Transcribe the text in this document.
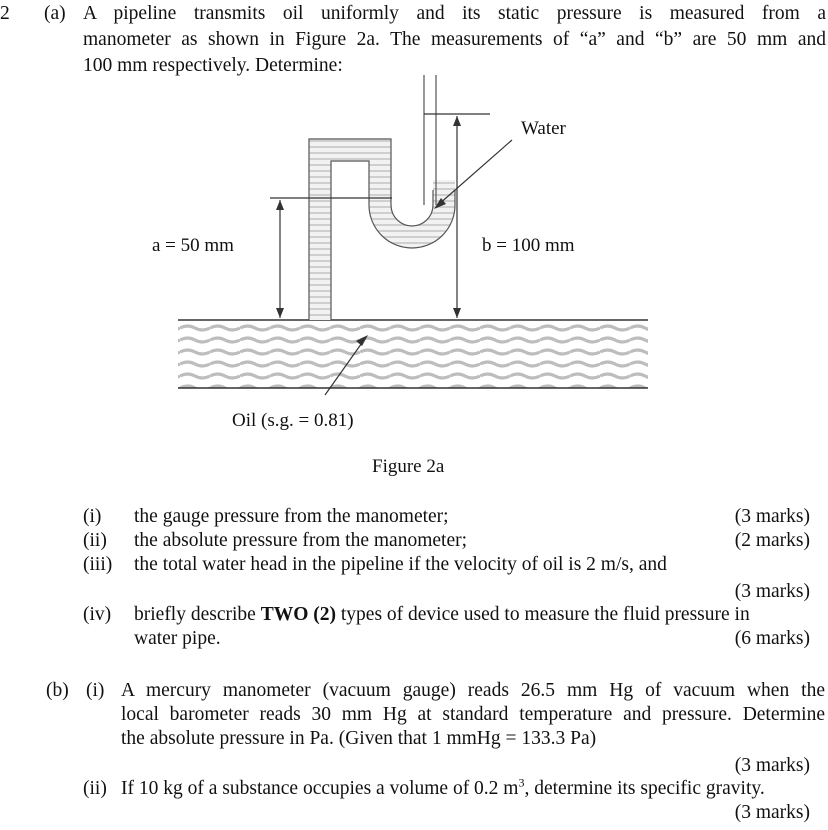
2 (a) A pipeline transmits oil uniformly and its static pressure is measured from a
manometer as shown in Figure 2a. The measurements of “a” and “b” are 50 mm and
100 mm respectively. Determine:
Water
a = 50 mm	b = 100 mm
Oil (s.g. = 0.81)
Figure 2a
(i) the gauge pressure from the manometer;	(3 marks)
(ii) the absolute pressure from the manometer;	(2 marks)
(iii) the total water head in the pipeline if the velocity of oil is 2 m/s, and
(3 marks)
(iv) briefly describe TWO (2) types of device used to measure the fluid pressure in
water pipe.	(6 marks)
(b) (i) A mercury manometer (vacuum gauge) reads 26.5 mm Hg of vacuum when the
local barometer reads 30 mm Hg at standard temperature and pressure. Determine
the absolute pressure in Pa. (Given that 1 mmHg = 133.3 Pa)
(3 marks)
(ii) If 10 kg of a substance occupies a volume of 0.2 $m^3$, determine its specific gravity.
(3 marks)
